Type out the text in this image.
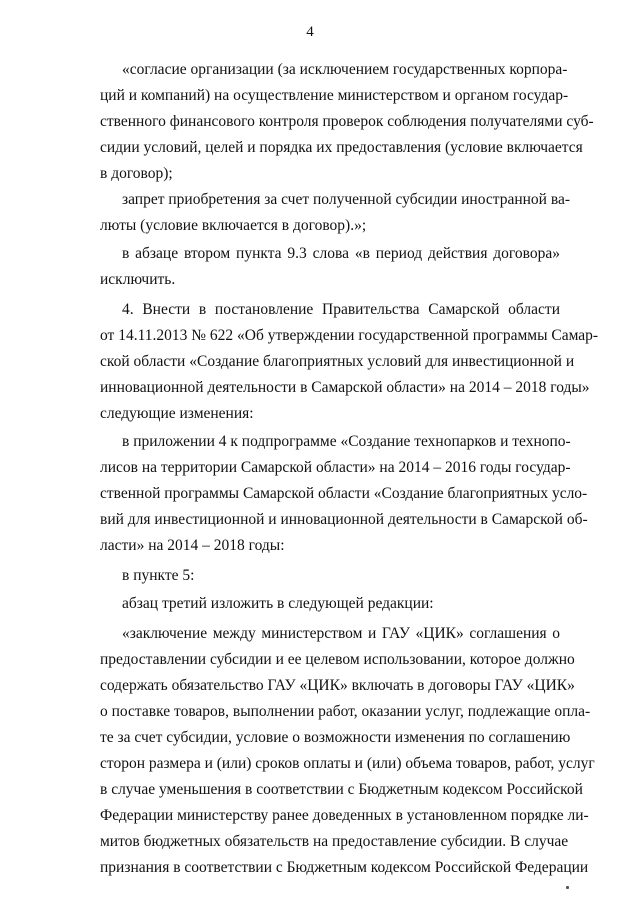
4
«согласие организации (за исключением государственных корпора-
ций и компаний) на осуществление министерством и органом государ-
ственного финансового контроля проверок соблюдения получателями суб-
сидии условий, целей и порядка их предоставления (условие включается
в договор);
запрет приобретения за счет полученной субсидии иностранной ва-
люты (условие включается в договор).»;
в абзаце втором пункта 9.3 слова «в период действия договора»
исключить.
4. Внести в постановление Правительства Самарской области
от 14.11.2013 № 622 «Об утверждении государственной программы Самар-
ской области «Создание благоприятных условий для инвестиционной и
инновационной деятельности в Самарской области» на 2014 – 2018 годы»
следующие изменения:
в приложении 4 к подпрограмме «Создание технопарков и технопо-
лисов на территории Самарской области» на 2014 – 2016 годы государ-
ственной программы Самарской области «Создание благоприятных усло-
вий для инвестиционной и инновационной деятельности в Самарской об-
ласти» на 2014 – 2018 годы:
в пункте 5:
абзац третий изложить в следующей редакции:
«заключение между министерством и ГАУ «ЦИК» соглашения о
предоставлении субсидии и ее целевом использовании, которое должно
содержать обязательство ГАУ «ЦИК» включать в договоры ГАУ «ЦИК»
о поставке товаров, выполнении работ, оказании услуг, подлежащие опла-
те за счет субсидии, условие о возможности изменения по соглашению
сторон размера и (или) сроков оплаты и (или) объема товаров, работ, услуг
в случае уменьшения в соответствии с Бюджетным кодексом Российской
Федерации министерству ранее доведенных в установленном порядке ли-
митов бюджетных обязательств на предоставление субсидии. В случае
признания в соответствии с Бюджетным кодексом Российской Федерации
